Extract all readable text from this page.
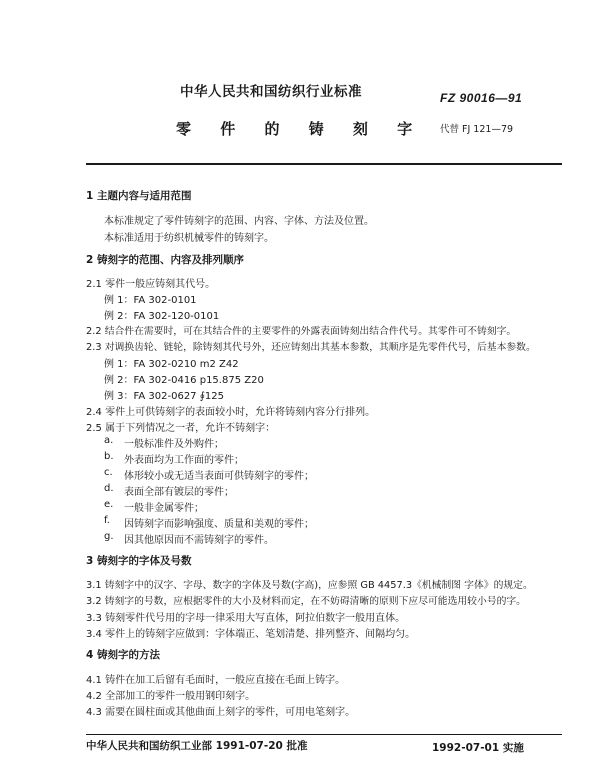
中华人民共和国纺织行业标准	FZ 90016—91
零 件 的 铸 刻 字 代替 FJ 121—79
1 主题内容与适用范围
本标准规定了零件铸刻字的范围、内容、字体、方法及位置。
本标准适用于纺织机械零件的铸刻字。
2 铸刻字的范围、内容及排列顺序
2.1 零件一般应铸刻其代号。
例 1：FA 302-0101
例 2：FA 302-120-0101
2.2 结合件在需要时，可在其结合件的主要零件的外露表面铸刻出结合件代号。其零件可不铸刻字。
2.3 对调换齿轮、链轮，除铸刻其代号外，还应铸刻出其基本参数，其顺序是先零件代号，后基本参数。
例 1：FA 302-0210 m2 Z42
例 2：FA 302-0416 p15.875 Z20
例 3：FA 302-0627 ∮125
2.4 零件上可供铸刻字的表面较小时，允许将铸刻内容分行排列。
2.5 属于下列情况之一者，允许不铸刻字：
a. 一般标准件及外购件；
b. 外表面均为工作面的零件；
c. 体形较小或无适当表面可供铸刻字的零件；
d. 表面全部有镀层的零件；
e. 一般非金属零件；
f. 因铸刻字而影响强度、质量和美观的零件；
g. 因其他原因而不需铸刻字的零件。
3 铸刻字的字体及号数
3.1 铸刻字中的汉字、字母、数字的字体及号数(字高)，应参照 GB 4457.3《机械制图 字体》的规定。
3.2 铸刻字的号数，应根据零件的大小及材料而定，在不妨碍清晰的原则下应尽可能选用较小号的字。
3.3 铸刻零件代号用的字母一律采用大写直体，阿拉伯数字一般用直体。
3.4 零件上的铸刻字应做到：字体端正、笔划清楚、排列整齐、间隔均匀。
4 铸刻字的方法
4.1 铸件在加工后留有毛面时，一般应直接在毛面上铸字。
4.2 全部加工的零件一般用钢印刻字。
4.3 需要在圆柱面或其他曲面上刻字的零件，可用电笔刻字。
中华人民共和国纺织工业部 1991-07-20 批准	1992-07-01 实施
